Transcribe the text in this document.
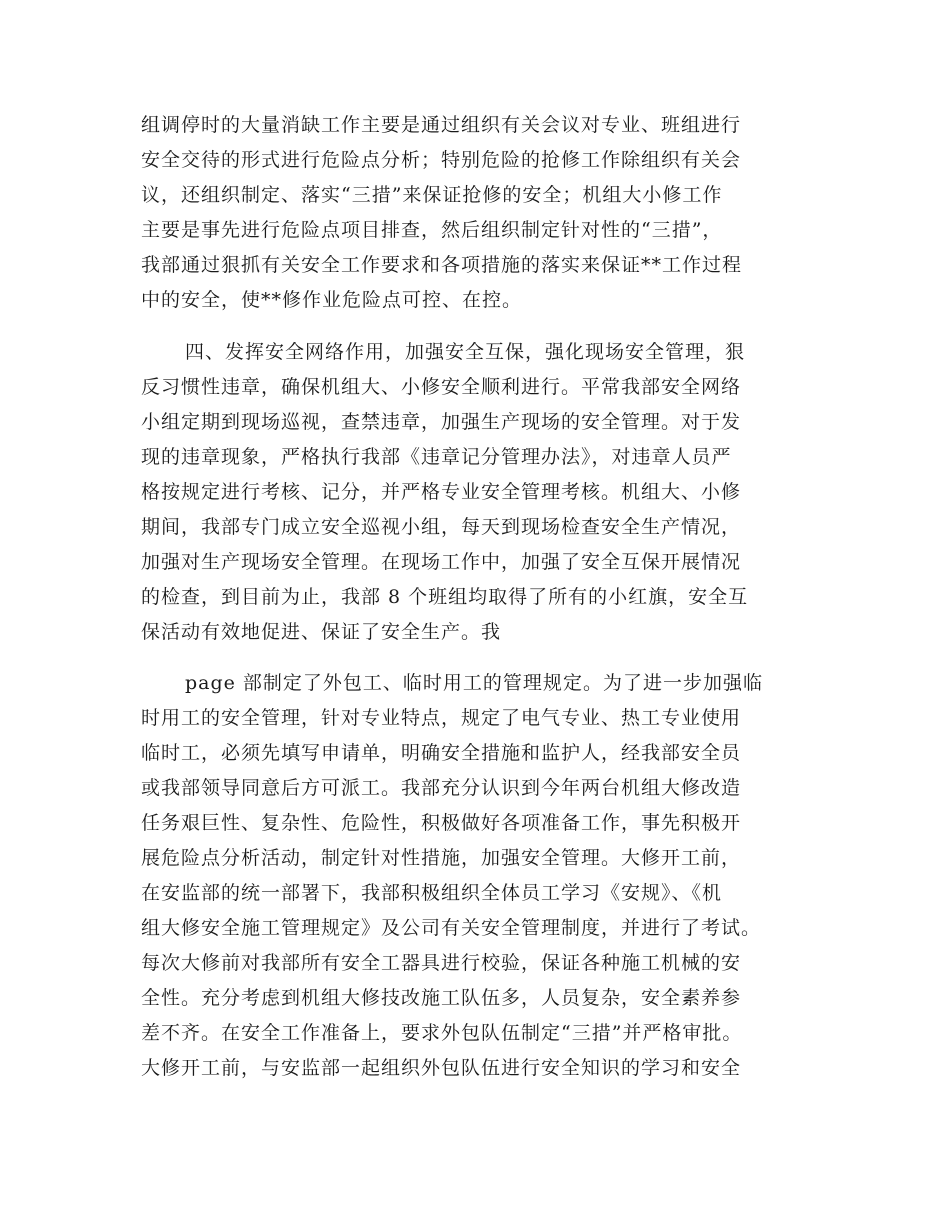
组调停时的大量消缺工作主要是通过组织有关会议对专业、班组进行
安全交待的形式进行危险点分析；特别危险的抢修工作除组织有关会
议，还组织制定、落实“三措”来保证抢修的安全；机组大小修工作
主要是事先进行危险点项目排查，然后组织制定针对性的“三措”，
我部通过狠抓有关安全工作要求和各项措施的落实来保证**工作过程
中的安全，使**修作业危险点可控、在控。
四、发挥安全网络作用，加强安全互保，强化现场安全管理，狠
反习惯性违章，确保机组大、小修安全顺利进行。平常我部安全网络
小组定期到现场巡视，查禁违章，加强生产现场的安全管理。对于发
现的违章现象，严格执行我部《违章记分管理办法》，对违章人员严
格按规定进行考核、记分，并严格专业安全管理考核。机组大、小修
期间，我部专门成立安全巡视小组，每天到现场检查安全生产情况，
加强对生产现场安全管理。在现场工作中，加强了安全互保开展情况
的检查，到目前为止，我部 8 个班组均取得了所有的小红旗，安全互
保活动有效地促进、保证了安全生产。我
page 部制定了外包工、临时用工的管理规定。为了进一步加强临
时用工的安全管理，针对专业特点，规定了电气专业、热工专业使用
临时工，必须先填写申请单，明确安全措施和监护人，经我部安全员
或我部领导同意后方可派工。我部充分认识到今年两台机组大修改造
任务艰巨性、复杂性、危险性，积极做好各项准备工作，事先积极开
展危险点分析活动，制定针对性措施，加强安全管理。大修开工前，
在安监部的统一部署下，我部积极组织全体员工学习《安规》、《机
组大修安全施工管理规定》及公司有关安全管理制度，并进行了考试。
每次大修前对我部所有安全工器具进行校验，保证各种施工机械的安
全性。充分考虑到机组大修技改施工队伍多，人员复杂，安全素养参
差不齐。在安全工作准备上，要求外包队伍制定“三措”并严格审批。
大修开工前，与安监部一起组织外包队伍进行安全知识的学习和安全
